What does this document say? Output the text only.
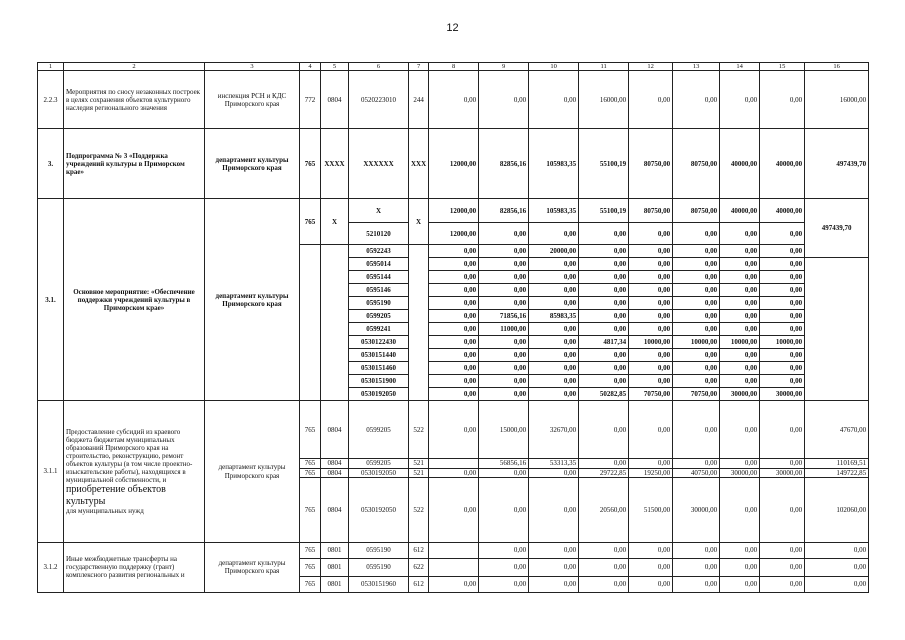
12
1	2	3	4	5	6	7	8	9	10	11	12	13	14	15	16
2.2.3	Мероприятия по сносу незаконных построек в целях сохранения объектов культурного наследия регионального значения	инспекция РСН и КДС Приморского края	772	0804	0520223010	244	0,00	0,00	0,00	16000,00	0,00	0,00	0,00	0,00	16000,00
3.	Подпрограмма № 3 «Поддержка учреждений культуры в Приморском крае»	департамент культуры Приморского края	765	ХХХХ	ХХХХХХ	ХХХ	12000,00	82856,16	105983,35	55100,19	80750,00	80750,00	40000,00	40000,00	497439,70
3.1.	Основное мероприятие: «Обеспечение поддержки учреждений культуры в Приморском крае»	департамент культуры Приморского края	765	Х	Х	Х	12000,00	82856,16	105983,35	55100,19	80750,00	80750,00	40000,00	40000,00	497439,70
					5210120		12000,00	0,00	0,00	0,00	0,00	0,00	0,00	0,00	
					0592243		0,00	0,00	20000,00	0,00	0,00	0,00	0,00	0,00	
					0595014		0,00	0,00	0,00	0,00	0,00	0,00	0,00	0,00	
					0595144		0,00	0,00	0,00	0,00	0,00	0,00	0,00	0,00	
					0595146		0,00	0,00	0,00	0,00	0,00	0,00	0,00	0,00	
					0595190		0,00	0,00	0,00	0,00	0,00	0,00	0,00	0,00	
					0599205		0,00	71856,16	85983,35	0,00	0,00	0,00	0,00	0,00	
					0599241		0,00	11000,00	0,00	0,00	0,00	0,00	0,00	0,00	
					0530122430		0,00	0,00	0,00	4817,34	10000,00	10000,00	10000,00	10000,00	
					0530151440		0,00	0,00	0,00	0,00	0,00	0,00	0,00	0,00	
					0530151460		0,00	0,00	0,00	0,00	0,00	0,00	0,00	0,00	
					0530151900		0,00	0,00	0,00	0,00	0,00	0,00	0,00	0,00	
					0530192050		0,00	0,00	0,00	50282,85	70750,00	70750,00	30000,00	30000,00	
3.1.1	Предоставление субсидий из краевого бюджета бюджетам муниципальных образований Приморского края на строительство, реконструкцию, ремонт объектов культуры (в том числе проектно-изыскательские работы), находящихся в муниципальной собственности, и
приобретение объектов культуры
для муниципальных нужд	департамент культуры Приморского края	765	0804	0599205	522	0,00	15000,00	32670,00	0,00	0,00	0,00	0,00	0,00	47670,00
			765	0804	0599205	521		56856,16	53313,35	0,00	0,00	0,00	0,00	0,00	110169,51
			765	0804	0530192050	521	0,00	0,00	0,00	29722,85	19250,00	40750,00	30000,00	30000,00	149722,85
			765	0804	0530192050	522	0,00	0,00	0,00	20560,00	51500,00	30000,00	0,00	0,00	102060,00
3.1.2	Иные межбюджетные трансферты на государственную поддержку (грант) комплексного развития региональных и	департамент культуры Приморского края	765	0801	0595190	612		0,00	0,00	0,00	0,00	0,00	0,00	0,00	0,00
			765	0801	0595190	622		0,00	0,00	0,00	0,00	0,00	0,00	0,00	0,00
			765	0801	0530151960	612	0,00	0,00	0,00	0,00	0,00	0,00	0,00	0,00	0,00
